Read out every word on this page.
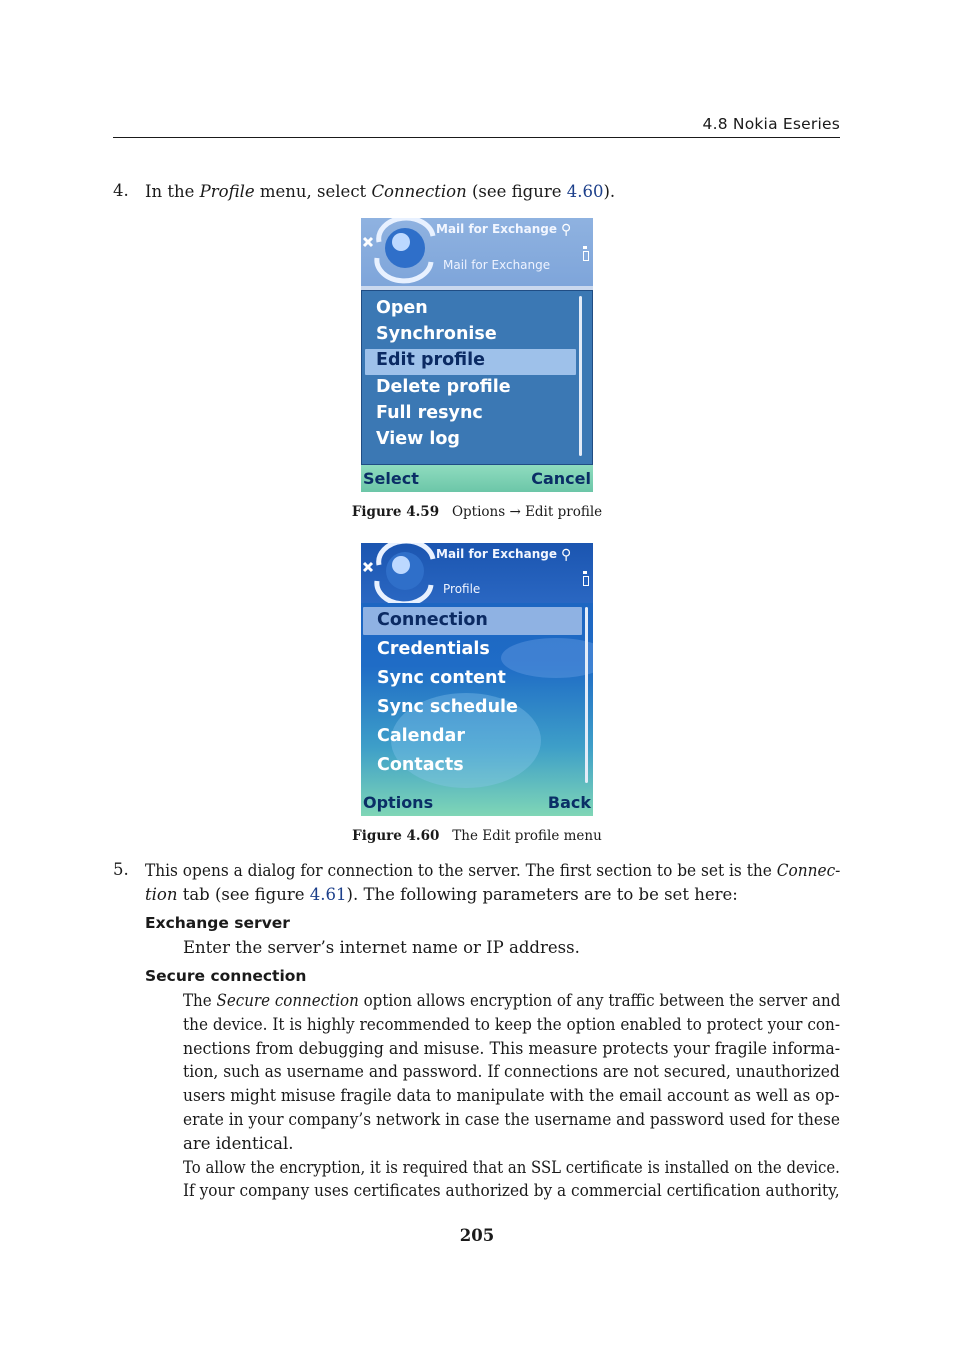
4.8 Nokia Eseries
4. In the Profile menu, select Connection (see figure 4.60).
Mail for Exchange
Mail for Exchange
⚲
Open
Synchronise
Edit profile
Delete profile
Full resync
View log
Select	Cancel
Figure 4.59 Options → Edit profile
Mail for Exchange
Profile
⚲
Connection
Credentials
Sync content
Sync schedule
Calendar
Contacts
Options	Back
Figure 4.60 The Edit profile menu
5. This opens a dialog for connection to the server. The first section to be set is the Connec-
tion tab (see figure 4.61). The following parameters are to be set here:
Exchange server
Enter the server’s internet name or IP address.
Secure connection
The Secure connection option allows encryption of any traffic between the server and
the device. It is highly recommended to keep the option enabled to protect your con-
nections from debugging and misuse. This measure protects your fragile informa-
tion, such as username and password. If connections are not secured, unauthorized
users might misuse fragile data to manipulate with the email account as well as op-
erate in your company’s network in case the username and password used for these
are identical.
To allow the encryption, it is required that an SSL certificate is installed on the device.
If your company uses certificates authorized by a commercial certification authority,
205
